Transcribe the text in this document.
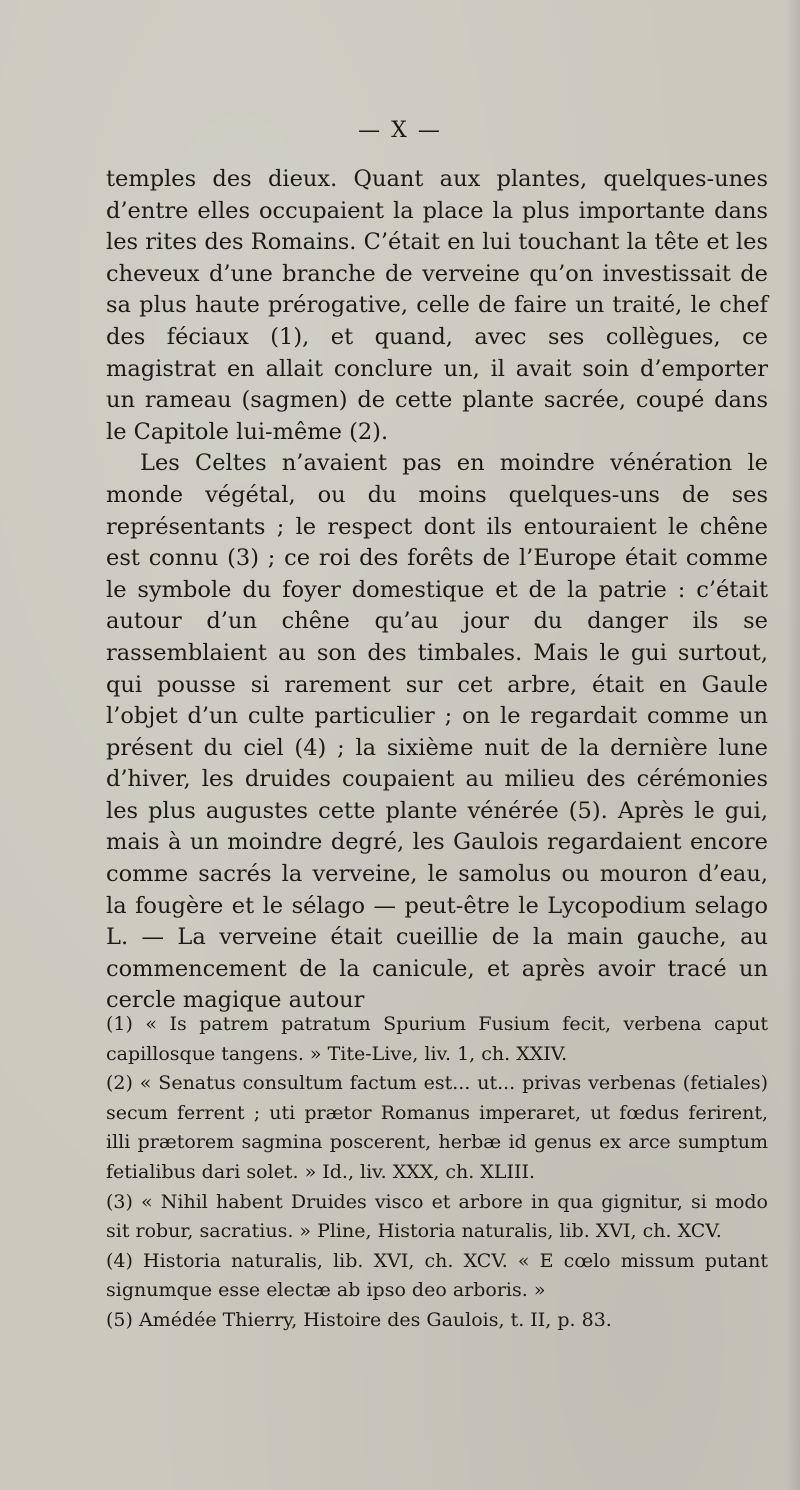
— X —

temples des dieux. Quant aux plantes, quelques-unes d’entre elles occupaient la place la plus importante dans les rites des Romains. C’était en lui touchant la tête et les cheveux d’une branche de verveine qu’on investissait de sa plus haute prérogative, celle de faire un traité, le chef des féciaux (1), et quand, avec ses collègues, ce magistrat en allait conclure un, il avait soin d’emporter un rameau (sagmen) de cette plante sacrée, coupé dans le Capitole lui-même (2).

Les Celtes n’avaient pas en moindre vénération le monde végétal, ou du moins quelques-uns de ses représentants ; le respect dont ils entouraient le chêne est connu (3) ; ce roi des forêts de l’Europe était comme le symbole du foyer domestique et de la patrie : c’était autour d’un chêne qu’au jour du danger ils se rassemblaient au son des timbales. Mais le gui surtout, qui pousse si rarement sur cet arbre, était en Gaule l’objet d’un culte particulier ; on le regardait comme un présent du ciel (4) ; la sixième nuit de la dernière lune d’hiver, les druides coupaient au milieu des cérémonies les plus augustes cette plante vénérée (5). Après le gui, mais à un moindre degré, les Gaulois regardaient encore comme sacrés la verveine, le samolus ou mouron d’eau, la fougère et le sélago — peut-être le Lycopodium selago L. — La verveine était cueillie de la main gauche, au commencement de la canicule, et après avoir tracé un cercle magique autour

(1) « Is patrem patratum Spurium Fusium fecit, verbena caput capillosque tangens. » Tite-Live, liv. 1, ch. XXIV.

(2) « Senatus consultum factum est... ut... privas verbenas (fetiales) secum ferrent ; uti prætor Romanus imperaret, ut fœdus ferirent, illi prætorem sagmina poscerent, herbæ id genus ex arce sumptum fetialibus dari solet. » Id., liv. XXX, ch. XLIII.

(3) « Nihil habent Druides visco et arbore in qua gignitur, si modo sit robur, sacratius. » Pline, Historia naturalis, lib. XVI, ch. XCV.

(4) Historia naturalis, lib. XVI, ch. XCV. « E cœlo missum putant signumque esse electæ ab ipso deo arboris. »

(5) Amédée Thierry, Histoire des Gaulois, t. II, p. 83.
